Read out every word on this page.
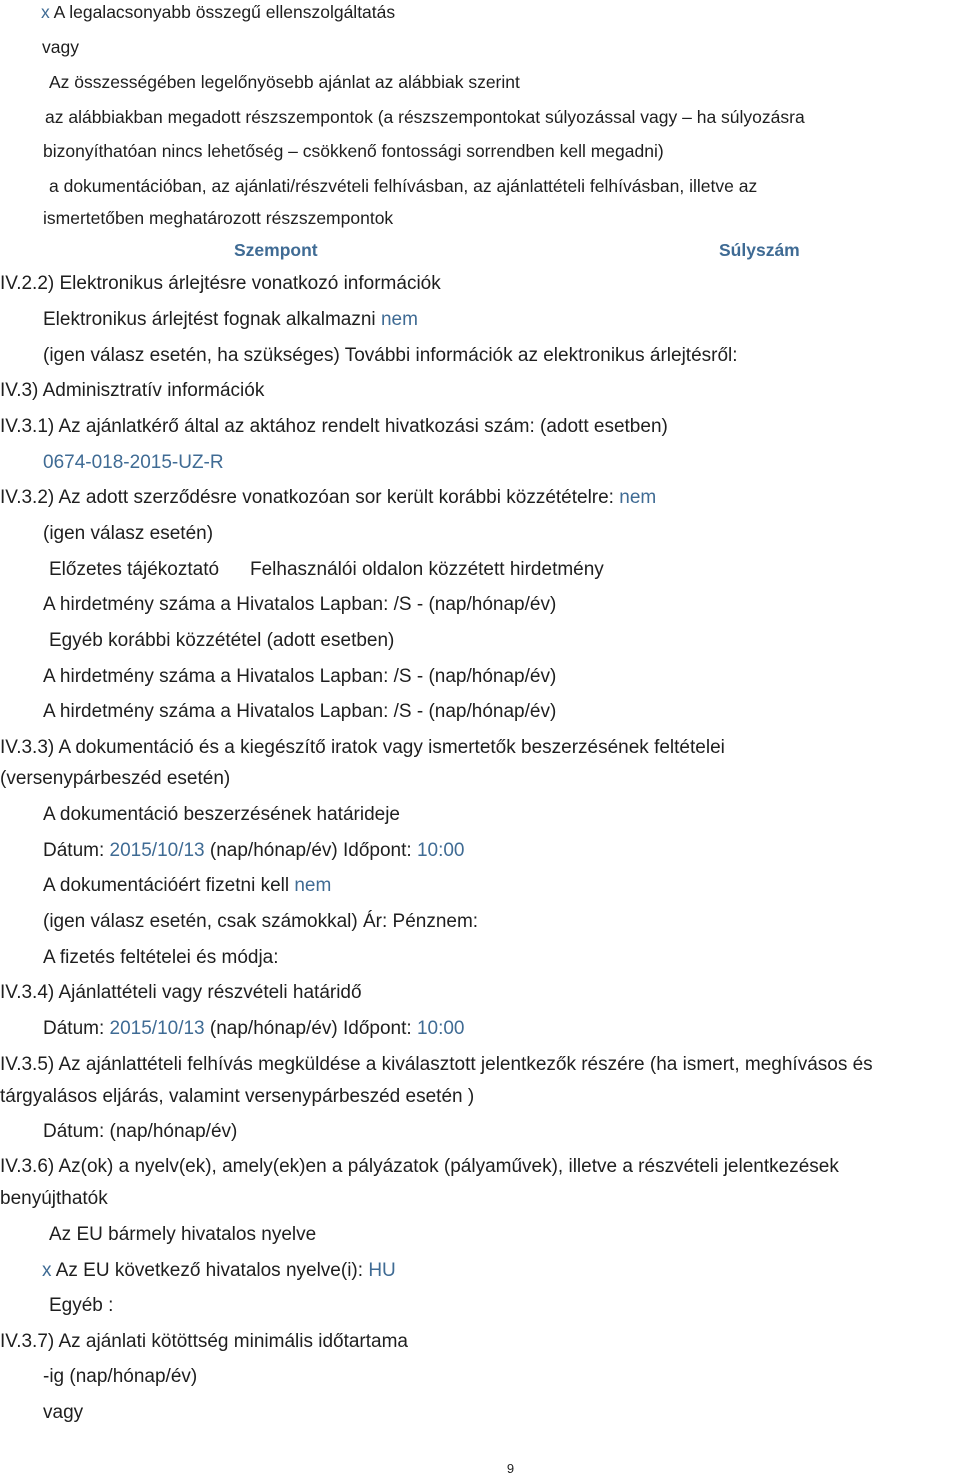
x A legalacsonyabb összegű ellenszolgáltatás
vagy
Az összességében legelőnyösebb ajánlat az alábbiak szerint
az alábbiakban megadott részszempontok (a részszempontokat súlyozással vagy – ha súlyozásra
bizonyíthatóan nincs lehetőség – csökkenő fontossági sorrendben kell megadni)
a dokumentációban, az ajánlati/részvételi felhívásban, az ajánlattételi felhívásban, illetve az
ismertetőben meghatározott részszempontok
Szempont	Súlyszám
IV.2.2) Elektronikus árlejtésre vonatkozó információk
Elektronikus árlejtést fognak alkalmazni nem
(igen válasz esetén, ha szükséges) További információk az elektronikus árlejtésről:
IV.3) Adminisztratív információk
IV.3.1) Az ajánlatkérő által az aktához rendelt hivatkozási szám: (adott esetben)
0674-018-2015-UZ-R
IV.3.2) Az adott szerződésre vonatkozóan sor került korábbi közzétételre: nem
(igen válasz esetén)
Előzetes tájékoztató Felhasználói oldalon közzétett hirdetmény
A hirdetmény száma a Hivatalos Lapban: /S - (nap/hónap/év)
Egyéb korábbi közzététel (adott esetben)
A hirdetmény száma a Hivatalos Lapban: /S - (nap/hónap/év)
A hirdetmény száma a Hivatalos Lapban: /S - (nap/hónap/év)
IV.3.3) A dokumentáció és a kiegészítő iratok vagy ismertetők beszerzésének feltételei
(versenypárbeszéd esetén)
A dokumentáció beszerzésének határideje
Dátum: 2015/10/13 (nap/hónap/év) Időpont: 10:00
A dokumentációért fizetni kell nem
(igen válasz esetén, csak számokkal) Ár: Pénznem:
A fizetés feltételei és módja:
IV.3.4) Ajánlattételi vagy részvételi határidő
Dátum: 2015/10/13 (nap/hónap/év) Időpont: 10:00
IV.3.5) Az ajánlattételi felhívás megküldése a kiválasztott jelentkezők részére (ha ismert, meghívásos és
tárgyalásos eljárás, valamint versenypárbeszéd esetén )
Dátum: (nap/hónap/év)
IV.3.6) Az(ok) a nyelv(ek), amely(ek)en a pályázatok (pályaművek), illetve a részvételi jelentkezések
benyújthatók
Az EU bármely hivatalos nyelve
x Az EU következő hivatalos nyelve(i): HU
Egyéb :
IV.3.7) Az ajánlati kötöttség minimális időtartama
-ig (nap/hónap/év)
vagy
9
